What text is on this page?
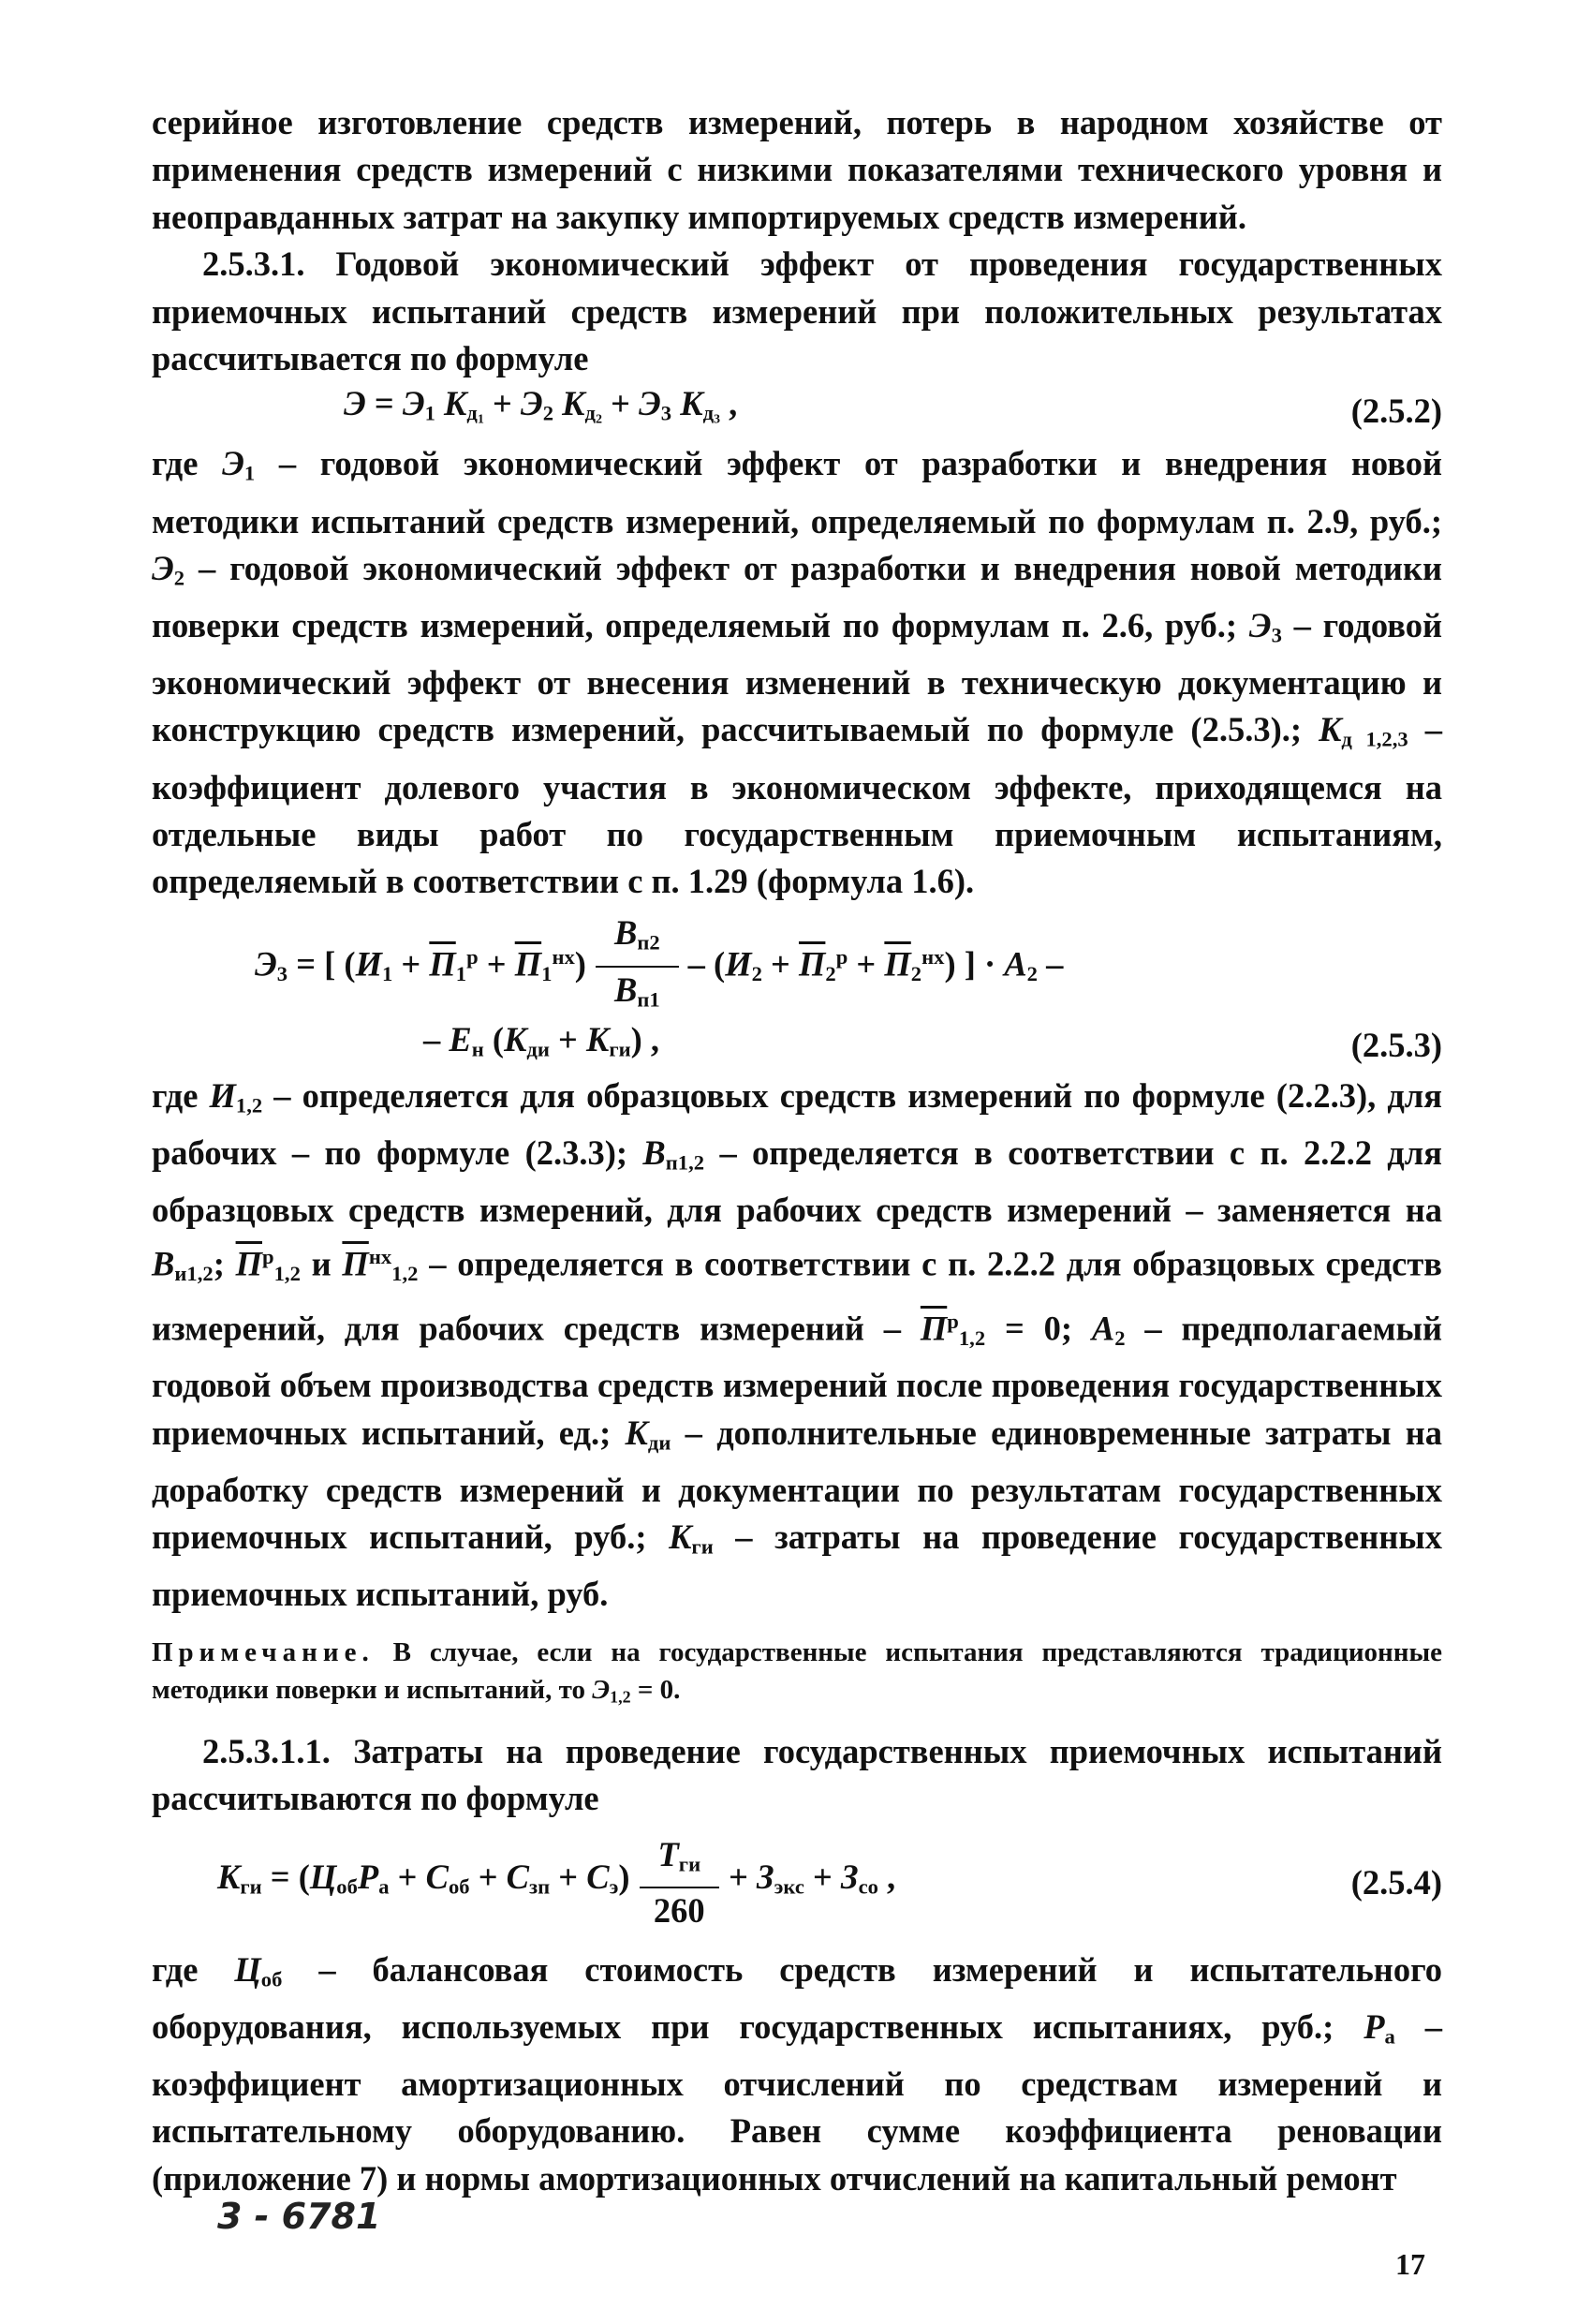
серийное изготовление средств измерений, потерь в народном хозяйстве от применения средств измерений с низкими показателями технического уровня и неоправданных затрат на закупку импортируемых средств измерений.

2.5.3.1. Годовой экономический эффект от проведения государственных приемочных испытаний средств измерений при положительных результатах рассчитывается по формуле

$Э = Э_1$ $K_{д_1} + Э_2$ $K_{д_2} + Э_3$ $K_{д_3}$ ,	(2.5.2)

где $Э_1$ – годовой экономический эффект от разработки и внедрения новой методики испытаний средств измерений, определяемый по формулам п. 2.9, руб.; $Э_2$ – годовой экономический эффект от разработки и внедрения новой методики поверки средств измерений, определяемый по формулам п. 2.6, руб.; $Э_3$ – годовой экономический эффект от внесения изменений в техническую документацию и конструкцию средств измерений, рассчитываемый по формуле (2.5.3).; $K_{д 1,2,3}$ – коэффициент долевого участия в экономическом эффекте, приходящемся на отдельные виды работ по государственным приемочным испытаниям, определяемый в соответствии с п. 1.29 (формула 1.6).

$Э_3$ = [ $(И_1 + П_1^р + П_1^{нх}) \frac{B_{п2}}{B_{п1}} - (И_2 + П_2^р + П_2^{нх})$ ] · $A_2$ –
– $E_н$ $(K_{ди} + K_{ги})$ ,	(2.5.3)

где $И_{1,2}$ – определяется для образцовых средств измерений по формуле (2.2.3), для рабочих – по формуле (2.3.3); $B_{п1,2}$ – определяется в соответствии с п. 2.2.2 для образцовых средств измерений, для рабочих средств измерений – заменяется на $B_{и1,2}$; $П^р_{1,2}$ и $П^{нх}_{1,2}$ – определяется в соответствии с п. 2.2.2 для образцовых средств измерений, для рабочих средств измерений – $П^р_{1,2} = 0$; $A_2$ – предполагаемый годовой объем производства средств измерений после проведения государственных приемочных испытаний, ед.; $K_{ди}$ – дополнительные единовременные затраты на доработку средств измерений и документации по результатам государственных приемочных испытаний, руб.; $K_{ги}$ – затраты на проведение государственных приемочных испытаний, руб.

Примечание. В случае, если на государственные испытания представляются традиционные методики поверки и испытаний, то $Э_{1,2} = 0$.

2.5.3.1.1. Затраты на проведение государственных приемочных испытаний рассчитываются по формуле

$K_{ги} = (Ц_{об}P_а + C_{об} + C_{зп} + C_э) \frac{T_{ги}}{260} + З_{экс} + З_{со}$ ,	(2.5.4)

где $Ц_{об}$ – балансовая стоимость средств измерений и испытательного оборудования, используемых при государственных испытаниях, руб.; $P_а$ – коэффициент амортизационных отчислений по средствам измерений и испытательному оборудованию. Равен сумме коэффициента реновации (приложение 7) и нормы амортизационных отчислений на капитальный ремонт

3 - 6781
17
